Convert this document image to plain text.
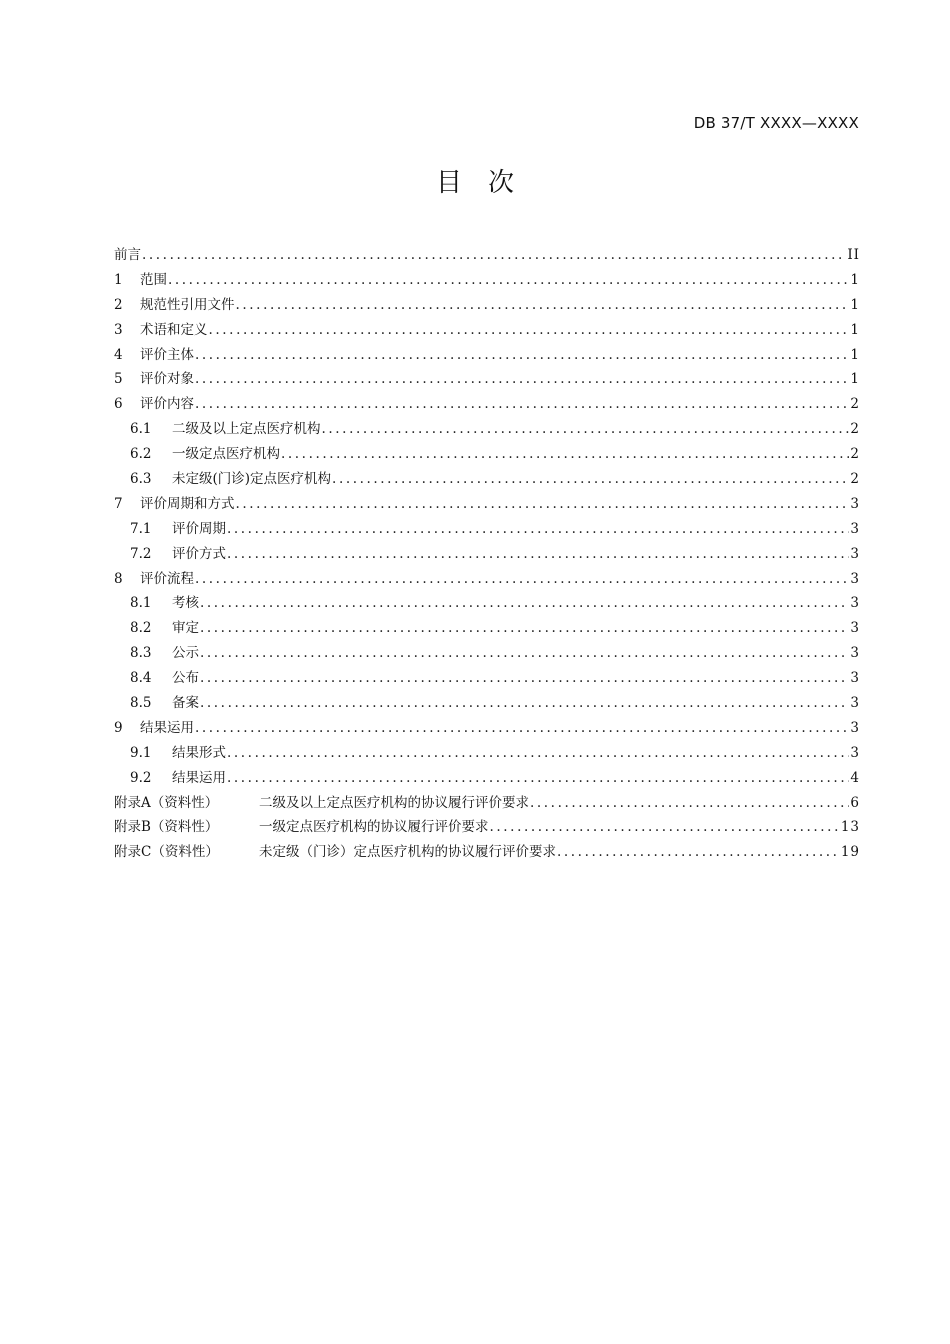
DB 37/T XXXX—XXXX
目次
前言 .....	II
1	范围 .....	1
2	规范性引用文件 .....	1
3	术语和定义 .....	1
4	评价主体 .....	1
5	评价对象 .....	1
6	评价内容 .....	2
6.1	二级及以上定点医疗机构 .....	2
6.2	一级定点医疗机构 .....	2
6.3	未定级(门诊)定点医疗机构 .....	2
7	评价周期和方式 .....	3
7.1	评价周期 .....	3
7.2	评价方式 .....	3
8	评价流程 .....	3
8.1	考核 .....	3
8.2	审定 .....	3
8.3	公示 .....	3
8.4	公布 .....	3
8.5	备案 .....	3
9	结果运用 .....	3
9.1	结果形式 .....	3
9.2	结果运用 .....	4
附录A（资料性）	二级及以上定点医疗机构的协议履行评价要求 .....	6
附录B（资料性）	一级定点医疗机构的协议履行评价要求 .....	13
附录C（资料性）	未定级（门诊）定点医疗机构的协议履行评价要求 .....	19
